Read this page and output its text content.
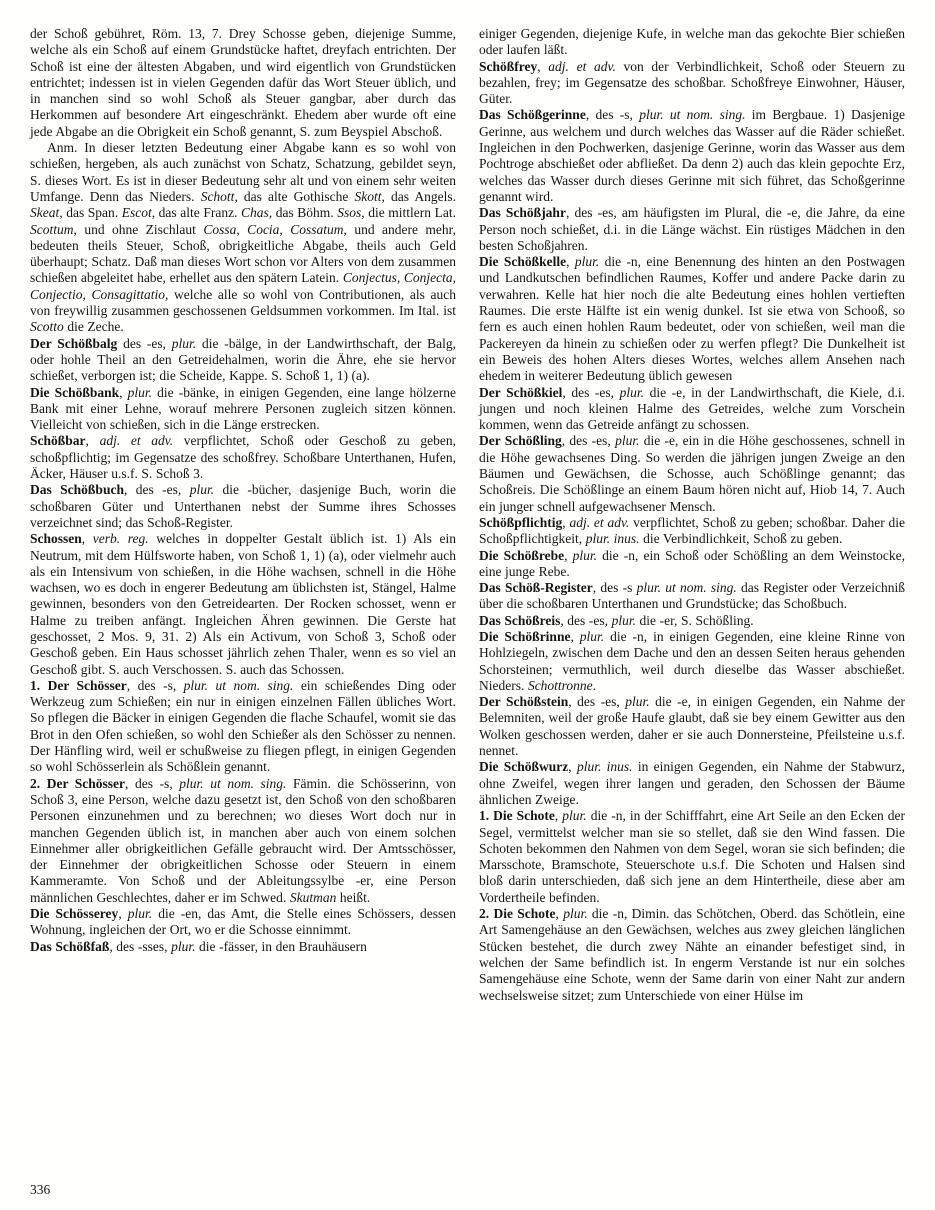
der Schoß gebühret, Röm. 13, 7. Drey Schosse geben, diejenige Summe, welche als ein Schoß auf einem Grundstücke haftet, dreyfach entrichten. Der Schoß ist eine der ältesten Abgaben, und wird eigentlich von Grundstücken entrichtet; indessen ist in vielen Gegenden dafür das Wort Steuer üblich, und in manchen sind so wohl Schoß als Steuer gangbar, aber durch das Herkommen auf besondere Art eingeschränkt. Ehedem aber wurde oft eine jede Abgabe an die Obrigkeit ein Schoß genannt, S. zum Beyspiel Abschoß.

Anm. In dieser letzten Bedeutung einer Abgabe kann es so wohl von schießen, hergeben, als auch zunächst von Schatz, Schatzung, gebildet seyn, S. dieses Wort. Es ist in dieser Bedeutung sehr alt und von einem sehr weiten Umfange. Denn das Nieders. Schott, das alte Gothische Skott, das Angels. Skeat, das Span. Escot, das alte Franz. Chas, das Böhm. Ssos, die mittlern Lat. Scottum, und ohne Zischlaut Cossa, Cocia, Cossatum, und andere mehr, bedeuten theils Steuer, Schoß, obrigkeitliche Abgabe, theils auch Geld überhaupt; Schatz. Daß man dieses Wort schon vor Alters von dem zusammen schießen abgeleitet habe, erhellet aus den spätern Latein. Conjectus, Conjecta, Conjectio, Consagittatio, welche alle so wohl von Contributionen, als auch von freywillig zusammen geschossenen Geldsummen vorkommen. Im Ital. ist Scotto die Zeche.

Der Schößbalg des -es, plur. die -bälge, in der Landwirthschaft, der Balg, oder hohle Theil an den Getreidehalmen, worin die Ähre, ehe sie hervor schießet, verborgen ist; die Scheide, Kappe. S. Schoß 1, 1) (a).

Die Schößbank, plur. die -bänke, in einigen Gegenden, eine lange hölzerne Bank mit einer Lehne, worauf mehrere Personen zugleich sitzen können. Vielleicht von schießen, sich in die Länge erstrecken.

Schößbar, adj. et adv. verpflichtet, Schoß oder Geschoß zu geben, schoßpflichtig; im Gegensatze des schoßfrey. Schoßbare Unterthanen, Hufen, Äcker, Häuser u.s.f. S. Schoß 3.

Das Schößbuch, des -es, plur. die -bücher, dasjenige Buch, worin die schoßbaren Güter und Unterthanen nebst der Summe ihres Schosses verzeichnet sind; das Schoß-Register.

Schossen, verb. reg. welches in doppelter Gestalt üblich ist. 1) Als ein Neutrum, mit dem Hülfsworte haben, von Schoß 1, 1) (a), oder vielmehr auch als ein Intensivum von schießen, in die Höhe wachsen, schnell in die Höhe wachsen, wo es doch in engerer Bedeutung am üblichsten ist, Stängel, Halme gewinnen, besonders von den Getreidearten. Der Rocken schosset, wenn er Halme zu treiben anfängt. Ingleichen Ähren gewinnen. Die Gerste hat geschosset, 2 Mos. 9, 31. 2) Als ein Activum, von Schoß 3, Schoß oder Geschoß geben. Ein Haus schosset jährlich zehen Thaler, wenn es so viel an Geschoß gibt. S. auch Verschossen. S. auch das Schossen.

1. Der Schösser, des -s, plur. ut nom. sing. ein schießendes Ding oder Werkzeug zum Schießen; ein nur in einigen einzelnen Fällen übliches Wort. So pflegen die Bäcker in einigen Gegenden die flache Schaufel, womit sie das Brot in den Ofen schießen, so wohl den Schießer als den Schösser zu nennen. Der Hänfling wird, weil er schußweise zu fliegen pflegt, in einigen Gegenden so wohl Schösserlein als Schößlein genannt.

2. Der Schösser, des -s, plur. ut nom. sing. Fämin. die Schösserinn, von Schoß 3, eine Person, welche dazu gesetzt ist, den Schoß von den schoßbaren Personen einzunehmen und zu berechnen; wo dieses Wort doch nur in manchen Gegenden üblich ist, in manchen aber auch von einem solchen Einnehmer aller obrigkeitlichen Gefälle gebraucht wird. Der Amtsschösser, der Einnehmer der obrigkeitlichen Schosse oder Steuern in einem Kammeramte. Von Schoß und der Ableitungssylbe -er, eine Person männlichen Geschlechtes, daher er im Schwed. Skutman heißt.

Die Schösserey, plur. die -en, das Amt, die Stelle eines Schössers, dessen Wohnung, ingleichen der Ort, wo er die Schosse einnimmt.

Das Schößfaß, des -sses, plur. die -fässer, in den Brauhäusern

einiger Gegenden, diejenige Kufe, in welche man das gekochte Bier schießen oder laufen läßt.

Schößfrey, adj. et adv. von der Verbindlichkeit, Schoß oder Steuern zu bezahlen, frey; im Gegensatze des schoßbar. Schoßfreye Einwohner, Häuser, Güter.

Das Schößgerinne, des -s, plur. ut nom. sing. im Bergbaue. 1) Dasjenige Gerinne, aus welchem und durch welches das Wasser auf die Räder schießet. Ingleichen in den Pochwerken, dasjenige Gerinne, worin das Wasser aus dem Pochtroge abschießet oder abfließet. Da denn 2) auch das klein gepochte Erz, welches das Wasser durch dieses Gerinne mit sich führet, das Schoßgerinne genannt wird.

Das Schößjahr, des -es, am häufigsten im Plural, die -e, die Jahre, da eine Person noch schießet, d.i. in die Länge wächst. Ein rüstiges Mädchen in den besten Schoßjahren.

Die Schößkelle, plur. die -n, eine Benennung des hinten an den Postwagen und Landkutschen befindlichen Raumes, Koffer und andere Packe darin zu verwahren. Kelle hat hier noch die alte Bedeutung eines hohlen vertieften Raumes. Die erste Hälfte ist ein wenig dunkel. Ist sie etwa von Schooß, so fern es auch einen hohlen Raum bedeutet, oder von schießen, weil man die Packereyen da hinein zu schießen oder zu werfen pflegt? Die Dunkelheit ist ein Beweis des hohen Alters dieses Wortes, welches allem Ansehen nach ehedem in weiterer Bedeutung üblich gewesen

Der Schößkiel, des -es, plur. die -e, in der Landwirthschaft, die Kiele, d.i. jungen und noch kleinen Halme des Getreides, welche zum Vorschein kommen, wenn das Getreide anfängt zu schossen.

Der Schößling, des -es, plur. die -e, ein in die Höhe geschossenes, schnell in die Höhe gewachsenes Ding. So werden die jährigen jungen Zweige an den Bäumen und Gewächsen, die Schosse, auch Schößlinge genannt; das Schoßreis. Die Schößlinge an einem Baum hören nicht auf, Hiob 14, 7. Auch ein junger schnell aufgewachsener Mensch.

Schößpflichtig, adj. et adv. verpflichtet, Schoß zu geben; schoßbar. Daher die Schoßpflichtigkeit, plur. inus. die Verbindlichkeit, Schoß zu geben.

Die Schößrebe, plur. die -n, ein Schoß oder Schößling an dem Weinstocke, eine junge Rebe.

Das Schöß-Register, des -s plur. ut nom. sing. das Register oder Verzeichniß über die schoßbaren Unterthanen und Grundstücke; das Schoßbuch.

Das Schößreis, des -es, plur. die -er, S. Schößling.

Die Schößrinne, plur. die -n, in einigen Gegenden, eine kleine Rinne von Hohlziegeln, zwischen dem Dache und den an dessen Seiten heraus gehenden Schorsteinen; vermuthlich, weil durch dieselbe das Wasser abschießet. Nieders. Schottronne.

Der Schößstein, des -es, plur. die -e, in einigen Gegenden, ein Nahme der Belemniten, weil der große Haufe glaubt, daß sie bey einem Gewitter aus den Wolken geschossen werden, daher er sie auch Donnersteine, Pfeilsteine u.s.f. nennet.

Die Schößwurz, plur. inus. in einigen Gegenden, ein Nahme der Stabwurz, ohne Zweifel, wegen ihrer langen und geraden, den Schossen der Bäume ähnlichen Zweige.

1. Die Schote, plur. die -n, in der Schifffahrt, eine Art Seile an den Ecken der Segel, vermittelst welcher man sie so stellet, daß sie den Wind fassen. Die Schoten bekommen den Nahmen von dem Segel, woran sie sich befinden; die Marsschote, Bramschote, Steuerschote u.s.f. Die Schoten und Halsen sind bloß darin unterschieden, daß sich jene an dem Hintertheile, diese aber am Vordertheile befinden.

2. Die Schote, plur. die -n, Dimin. das Schötchen, Oberd. das Schötlein, eine Art Samengehäuse an den Gewächsen, welches aus zwey gleichen länglichen Stücken bestehet, die durch zwey Nähte an einander befestiget sind, in welchen der Same befindlich ist. In engerm Verstande ist nur ein solches Samengehäuse eine Schote, wenn der Same darin von einer Naht zur andern wechselsweise sitzet; zum Unterschiede von einer Hülse im

336
